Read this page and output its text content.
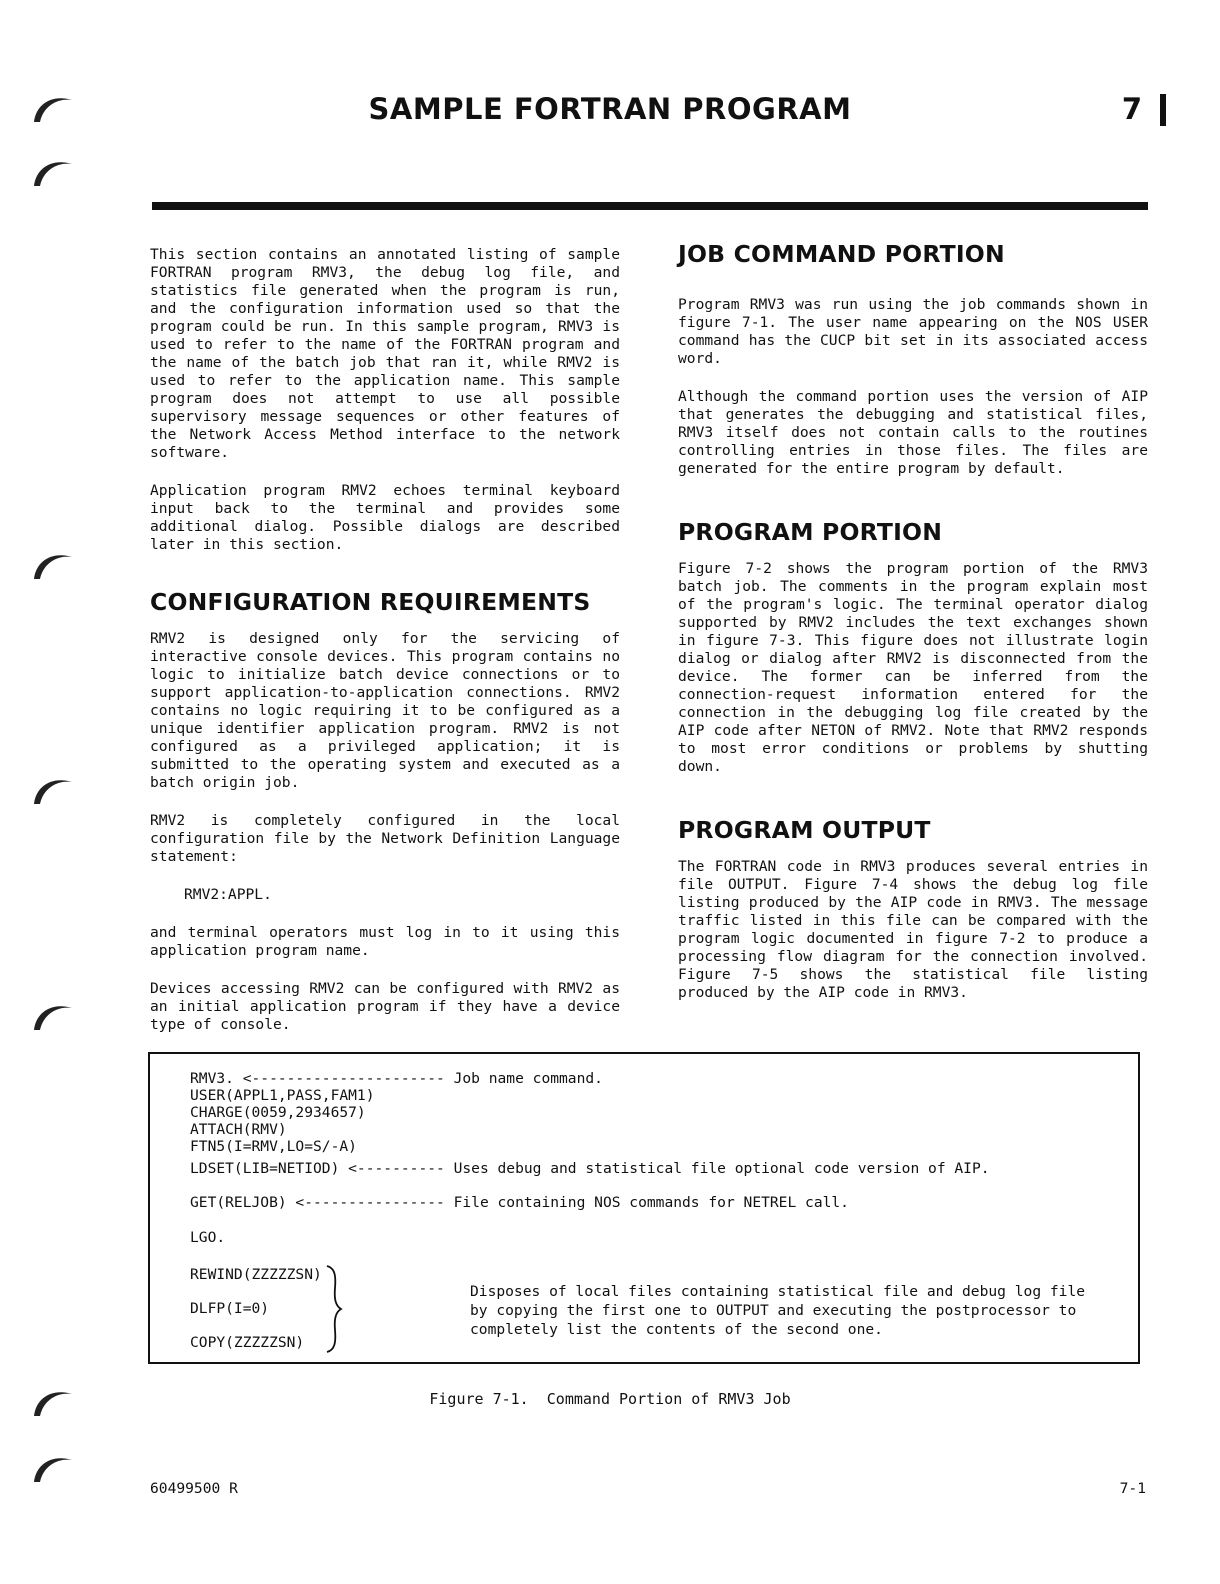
SAMPLE FORTRAN PROGRAM	7

This section contains an annotated listing of sample FORTRAN program RMV3, the debug log file, and statistics file generated when the program is run, and the configuration information used so that the program could be run. In this sample program, RMV3 is used to refer to the name of the FORTRAN program and the name of the batch job that ran it, while RMV2 is used to refer to the application name. This sample program does not attempt to use all possible supervisory message sequences or other features of the Network Access Method interface to the network software.

Application program RMV2 echoes terminal keyboard input back to the terminal and provides some additional dialog. Possible dialogs are described later in this section.

CONFIGURATION REQUIREMENTS

RMV2 is designed only for the servicing of interactive console devices. This program contains no logic to initialize batch device connections or to support application-to-application connections. RMV2 contains no logic requiring it to be configured as a unique identifier application program. RMV2 is not configured as a privileged application; it is submitted to the operating system and executed as a batch origin job.

RMV2 is completely configured in the local configuration file by the Network Definition Language statement:

RMV2:APPL.

and terminal operators must log in to it using this application program name.

Devices accessing RMV2 can be configured with RMV2 as an initial application program if they have a device type of console.

JOB COMMAND PORTION

Program RMV3 was run using the job commands shown in figure 7-1. The user name appearing on the NOS USER command has the CUCP bit set in its associated access word.

Although the command portion uses the version of AIP that generates the debugging and statistical files, RMV3 itself does not contain calls to the routines controlling entries in those files. The files are generated for the entire program by default.

PROGRAM PORTION

Figure 7-2 shows the program portion of the RMV3 batch job. The comments in the program explain most of the program's logic. The terminal operator dialog supported by RMV2 includes the text exchanges shown in figure 7-3. This figure does not illustrate login dialog or dialog after RMV2 is disconnected from the device. The former can be inferred from the connection-request information entered for the connection in the debugging log file created by the AIP code after NETON of RMV2. Note that RMV2 responds to most error conditions or problems by shutting down.

PROGRAM OUTPUT

The FORTRAN code in RMV3 produces several entries in file OUTPUT. Figure 7-4 shows the debug log file listing produced by the AIP code in RMV3. The message traffic listed in this file can be compared with the program logic documented in figure 7-2 to produce a processing flow diagram for the connection involved. Figure 7-5 shows the statistical file listing produced by the AIP code in RMV3.

RMV3. <---------------------- Job name command.
USER(APPL1,PASS,FAM1)
CHARGE(0059,2934657)
ATTACH(RMV)
FTN5(I=RMV,LO=S/-A)
LDSET(LIB=NETIOD) <---------- Uses debug and statistical file optional code version of AIP.
GET(RELJOB) <---------------- File containing NOS commands for NETREL call.
LGO.
REWIND(ZZZZZSN)
DLFP(I=0)
COPY(ZZZZZSN)
Disposes of local files containing statistical file and debug log file
by copying the first one to OUTPUT and executing the postprocessor to
completely list the contents of the second one.
Figure 7-1.  Command Portion of RMV3 Job
60499500 R	7-1
